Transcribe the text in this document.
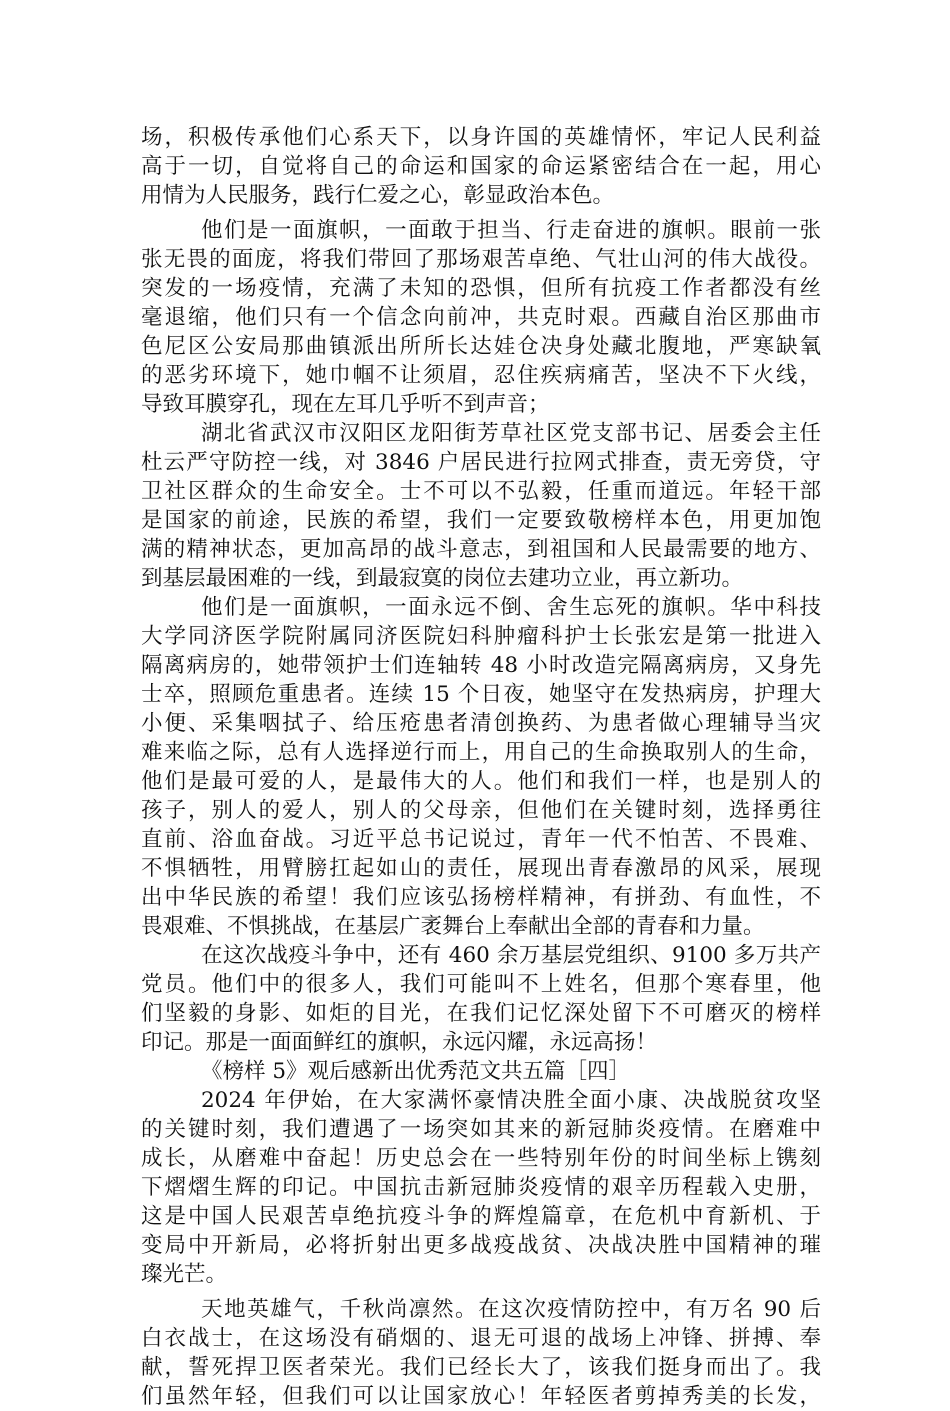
场，积极传承他们心系天下，以身许国的英雄情怀，牢记人民利益
高于一切，自觉将自己的命运和国家的命运紧密结合在一起，用心
用情为人民服务，践行仁爱之心，彰显政治本色。
他们是一面旗帜，一面敢于担当、行走奋进的旗帜。眼前一张
张无畏的面庞，将我们带回了那场艰苦卓绝、气壮山河的伟大战役。
突发的一场疫情，充满了未知的恐惧，但所有抗疫工作者都没有丝
毫退缩，他们只有一个信念向前冲，共克时艰。西藏自治区那曲市
色尼区公安局那曲镇派出所所长达娃仓决身处藏北腹地，严寒缺氧
的恶劣环境下，她巾帼不让须眉，忍住疾病痛苦，坚决不下火线，
导致耳膜穿孔，现在左耳几乎听不到声音；
湖北省武汉市汉阳区龙阳街芳草社区党支部书记、居委会主任
杜云严守防控一线，对 3846 户居民进行拉网式排查，责无旁贷，守
卫社区群众的生命安全。士不可以不弘毅，任重而道远。年轻干部
是国家的前途，民族的希望，我们一定要致敬榜样本色，用更加饱
满的精神状态，更加高昂的战斗意志，到祖国和人民最需要的地方、
到基层最困难的一线，到最寂寞的岗位去建功立业，再立新功。
他们是一面旗帜，一面永远不倒、舍生忘死的旗帜。华中科技
大学同济医学院附属同济医院妇科肿瘤科护士长张宏是第一批进入
隔离病房的，她带领护士们连轴转 48 小时改造完隔离病房，又身先
士卒，照顾危重患者。连续 15 个日夜，她坚守在发热病房，护理大
小便、采集咽拭子、给压疮患者清创换药、为患者做心理辅导当灾
难来临之际，总有人选择逆行而上，用自己的生命换取别人的生命，
他们是最可爱的人，是最伟大的人。他们和我们一样，也是别人的
孩子，别人的爱人，别人的父母亲，但他们在关键时刻，选择勇往
直前、浴血奋战。习近平总书记说过，青年一代不怕苦、不畏难、
不惧牺牲，用臂膀扛起如山的责任，展现出青春激昂的风采，展现
出中华民族的希望！我们应该弘扬榜样精神，有拼劲、有血性，不
畏艰难、不惧挑战，在基层广袤舞台上奉献出全部的青春和力量。
在这次战疫斗争中，还有 460 余万基层党组织、9100 多万共产
党员。他们中的很多人，我们可能叫不上姓名，但那个寒春里，他
们坚毅的身影、如炬的目光，在我们记忆深处留下不可磨灭的榜样
印记。那是一面面鲜红的旗帜，永远闪耀，永远高扬！
《榜样 5》观后感新出优秀范文共五篇［四］
2024 年伊始，在大家满怀豪情决胜全面小康、决战脱贫攻坚
的关键时刻，我们遭遇了一场突如其来的新冠肺炎疫情。在磨难中
成长，从磨难中奋起！历史总会在一些特别年份的时间坐标上镌刻
下熠熠生辉的印记。中国抗击新冠肺炎疫情的艰辛历程载入史册，
这是中国人民艰苦卓绝抗疫斗争的辉煌篇章，在危机中育新机、于
变局中开新局，必将折射出更多战疫战贫、决战决胜中国精神的璀
璨光芒。
天地英雄气，千秋尚凛然。在这次疫情防控中，有万名 90 后
白衣战士，在这场没有硝烟的、退无可退的战场上冲锋、拼搏、奉
献，誓死捍卫医者荣光。我们已经长大了，该我们挺身而出了。我
们虽然年轻，但我们可以让国家放心！年轻医者剪掉秀美的长发，
